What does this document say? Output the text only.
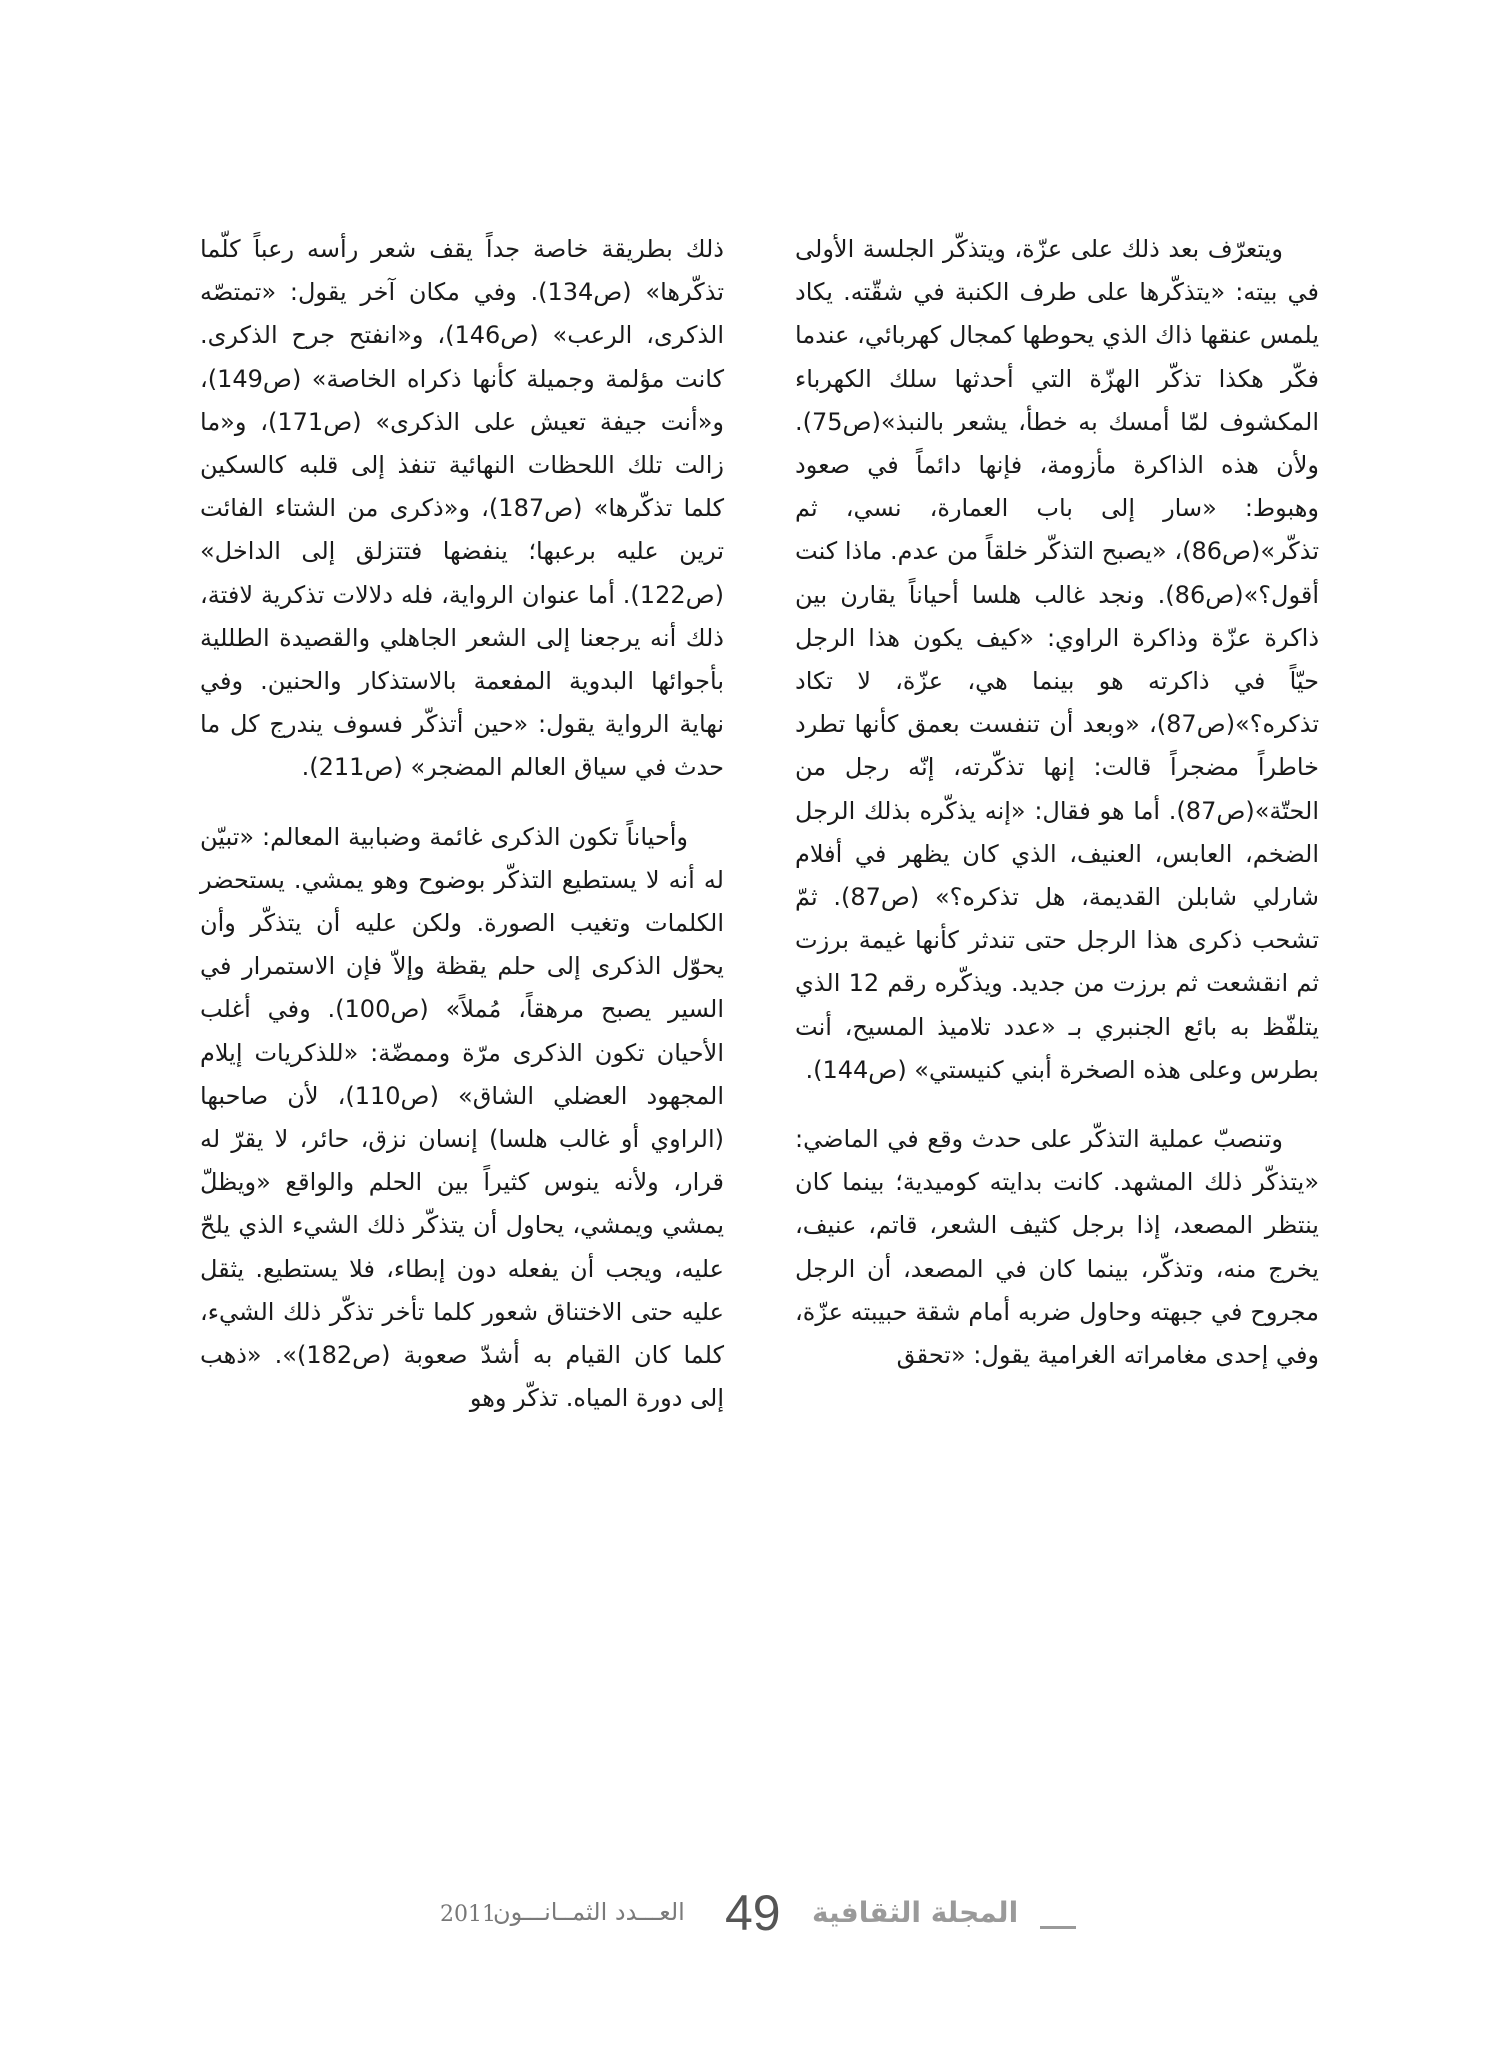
ويتعرّف بعد ذلك على عزّة، ويتذكّر الجلسة الأولى في بيته: «يتذكّرها على طرف الكنبة في شقّته. يكاد يلمس عنقها ذاك الذي يحوطها كمجال كهربائي، عندما فكّر هكذا تذكّر الهزّة التي أحدثها سلك الكهرباء المكشوف لمّا أمسك به خطأ، يشعر بالنبذ»(ص75). ولأن هذه الذاكرة مأزومة، فإنها دائماً في صعود وهبوط: «سار إلى باب العمارة، نسي، ثم تذكّر»(ص86)، «يصبح التذكّر خلقاً من عدم. ماذا كنت أقول؟»(ص86). ونجد غالب هلسا أحياناً يقارن بين ذاكرة عزّة وذاكرة الراوي: «كيف يكون هذا الرجل حيّاً في ذاكرته هو بينما هي، عزّة، لا تكاد تذكره؟»(ص87)، «وبعد أن تنفست بعمق كأنها تطرد خاطراً مضجراً قالت: إنها تذكّرته، إنّه رجل من الحتّة»(ص87). أما هو فقال: «إنه يذكّره بذلك الرجل الضخم، العابس، العنيف، الذي كان يظهر في أفلام شارلي شابلن القديمة، هل تذكره؟» (ص87). ثمّ تشحب ذكرى هذا الرجل حتى تندثر كأنها غيمة برزت ثم انقشعت ثم برزت من جديد. ويذكّره رقم 12 الذي يتلفّظ به بائع الجنبري بـ «عدد تلاميذ المسيح، أنت بطرس وعلى هذه الصخرة أبني كنيستي» (ص144).

وتنصبّ عملية التذكّر على حدث وقع في الماضي: «يتذكّر ذلك المشهد. كانت بدايته كوميدية؛ بينما كان ينتظر المصعد، إذا برجل كثيف الشعر، قاتم، عنيف، يخرج منه، وتذكّر، بينما كان في المصعد، أن الرجل مجروح في جبهته وحاول ضربه أمام شقة حبيبته عزّة، وفي إحدى مغامراته الغرامية يقول: «تحقق

ذلك بطريقة خاصة جداً يقف شعر رأسه رعباً كلّما تذكّرها» (ص134). وفي مكان آخر يقول: «تمتصّه الذكرى، الرعب» (ص146)، و«انفتح جرح الذكرى. كانت مؤلمة وجميلة كأنها ذكراه الخاصة» (ص149)، و«أنت جيفة تعيش على الذكرى» (ص171)، و«ما زالت تلك اللحظات النهائية تنفذ إلى قلبه كالسكين كلما تذكّرها» (ص187)، و«ذكرى من الشتاء الفائت ترين عليه برعبها؛ ينفضها فتتزلق إلى الداخل» (ص122). أما عنوان الرواية، فله دلالات تذكرية لافتة، ذلك أنه يرجعنا إلى الشعر الجاهلي والقصيدة الطللية بأجوائها البدوية المفعمة بالاستذكار والحنين. وفي نهاية الرواية يقول: «حين أتذكّر فسوف يندرج كل ما حدث في سياق العالم المضجر» (ص211).

وأحياناً تكون الذكرى غائمة وضبابية المعالم: «تبيّن له أنه لا يستطيع التذكّر بوضوح وهو يمشي. يستحضر الكلمات وتغيب الصورة. ولكن عليه أن يتذكّر وأن يحوّل الذكرى إلى حلم يقظة وإلاّ فإن الاستمرار في السير يصبح مرهقاً، مُملاً» (ص100). وفي أغلب الأحيان تكون الذكرى مرّة وممضّة: «للذكريات إيلام المجهود العضلي الشاق» (ص110)، لأن صاحبها (الراوي أو غالب هلسا) إنسان نزق، حائر، لا يقرّ له قرار، ولأنه ينوس كثيراً بين الحلم والواقع «ويظلّ يمشي ويمشي، يحاول أن يتذكّر ذلك الشيء الذي يلحّ عليه، ويجب أن يفعله دون إبطاء، فلا يستطيع. يثقل عليه حتى الاختناق شعور كلما تأخر تذكّر ذلك الشيء، كلما كان القيام به أشدّ صعوبة (ص182)». «ذهب إلى دورة المياه. تذكّر وهو

2011
العـــدد الثمــانـــون 49 المجلة الثقافية
